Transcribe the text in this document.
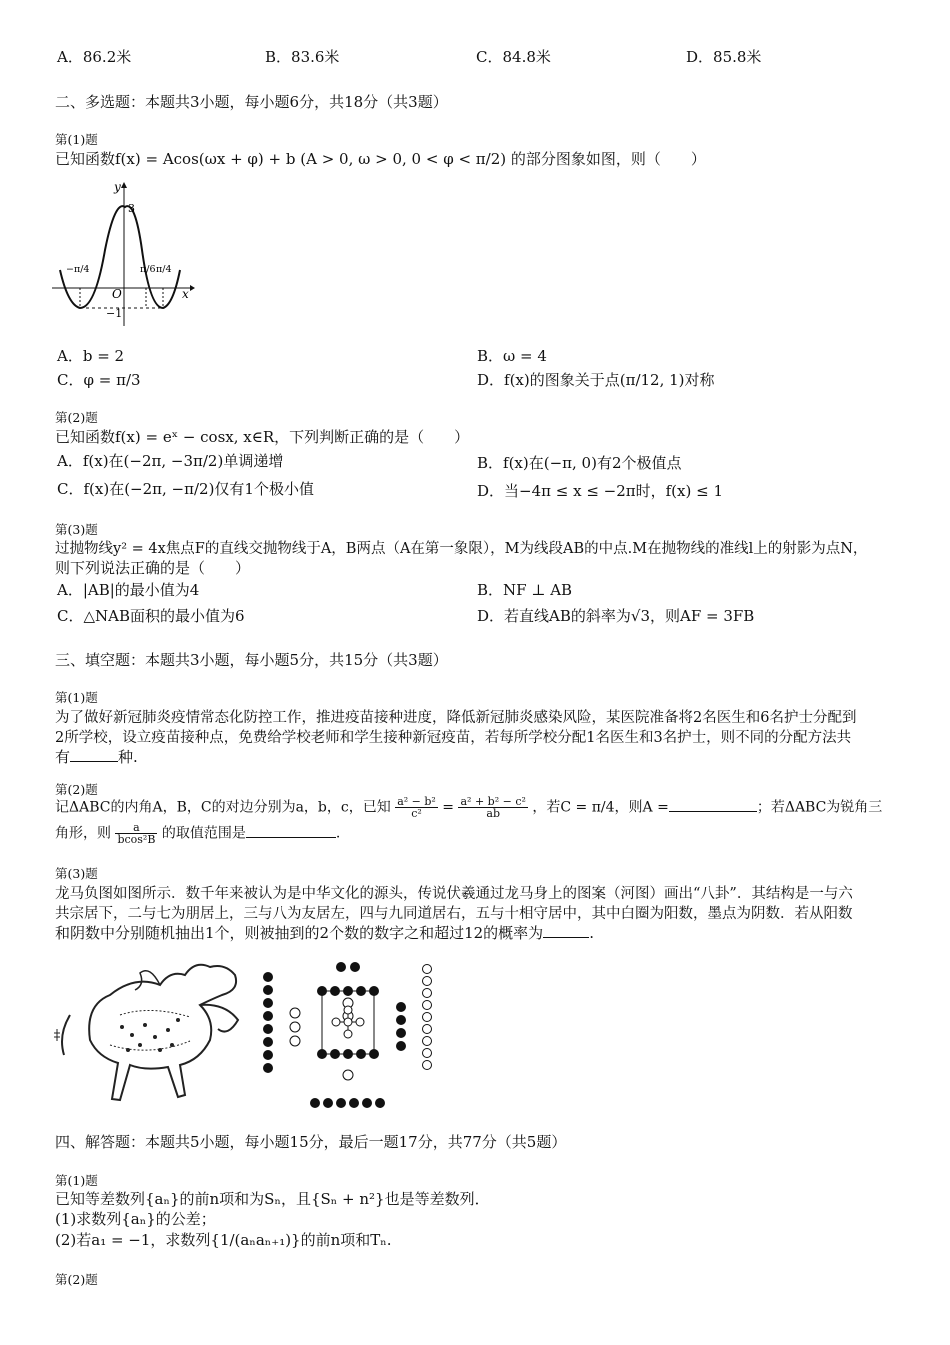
A．86.2米	B．83.6米	C．84.8米	D．85.8米
二、多选题：本题共3小题，每小题6分，共18分（共3题）
第(1)题
已知函数f(x) = Acos(ωx + φ) + b (A > 0, ω > 0, 0 < φ < π/2) 的部分图象如图，则（　　）
y
x
O
3
−1
−π/4	π/6 π/4
A．b = 2	B．ω = 4
C．φ = π/3	D．f(x)的图象关于点(π/12, 1)对称
第(2)题
已知函数f(x) = eˣ − cosx, x∈R，下列判断正确的是（　　）
A．f(x)在(−2π, −3π/2)单调递增	B．f(x)在(−π, 0)有2个极值点
C．f(x)在(−2π, −π/2)仅有1个极小值	D．当−4π ≤ x ≤ −2π时，f(x) ≤ 1
第(3)题
过抛物线y² = 4x焦点F的直线交抛物线于A，B两点（A在第一象限），M为线段AB的中点.M在抛物线的准线l上的射影为点N，
则下列说法正确的是（　　）
A．|AB|的最小值为4	B．NF ⊥ AB
C．△NAB面积的最小值为6	D．若直线AB的斜率为√3，则AF = 3FB
三、填空题：本题共3小题，每小题5分，共15分（共3题）
第(1)题
为了做好新冠肺炎疫情常态化防控工作，推进疫苗接种进度，降低新冠肺炎感染风险，某医院准备将2名医生和6名护士分配到
2所学校，设立疫苗接种点，免费给学校老师和学生接种新冠疫苗，若每所学校分配1名医生和3名护士，则不同的分配方法共
有	种.
第(2)题
记ΔABC的内角A，B，C的对边分别为a，b，c，已知 $\frac{\text{a² − b²}}{\text{c²}} = \frac{\text{a² + b² − c²}}{ab}$ ，若C = π/4，则A =	；若ΔABC为锐角三
角形，则 $\frac{a}{\text{bcos²B}}$ 的取值范围是	.
第(3)题
龙马负图如图所示．数千年来被认为是中华文化的源头，传说伏羲通过龙马身上的图案（河图）画出“八卦”．其结构是一与六
共宗居下，二与七为朋居上，三与八为友居左，四与九同道居右，五与十相守居中，其中白圈为阳数，墨点为阴数．若从阳数
和阴数中分别随机抽出1个，则被抽到的2个数的数字之和超过12的概率为	.
四、解答题：本题共5小题，每小题15分，最后一题17分，共77分（共5题）
第(1)题
已知等差数列{aₙ}的前n项和为Sₙ，且{Sₙ + n²}也是等差数列．
(1)求数列{aₙ}的公差；
(2)若a₁ = −1，求数列{1/(aₙaₙ₊₁)}的前n项和Tₙ.
第(2)题
